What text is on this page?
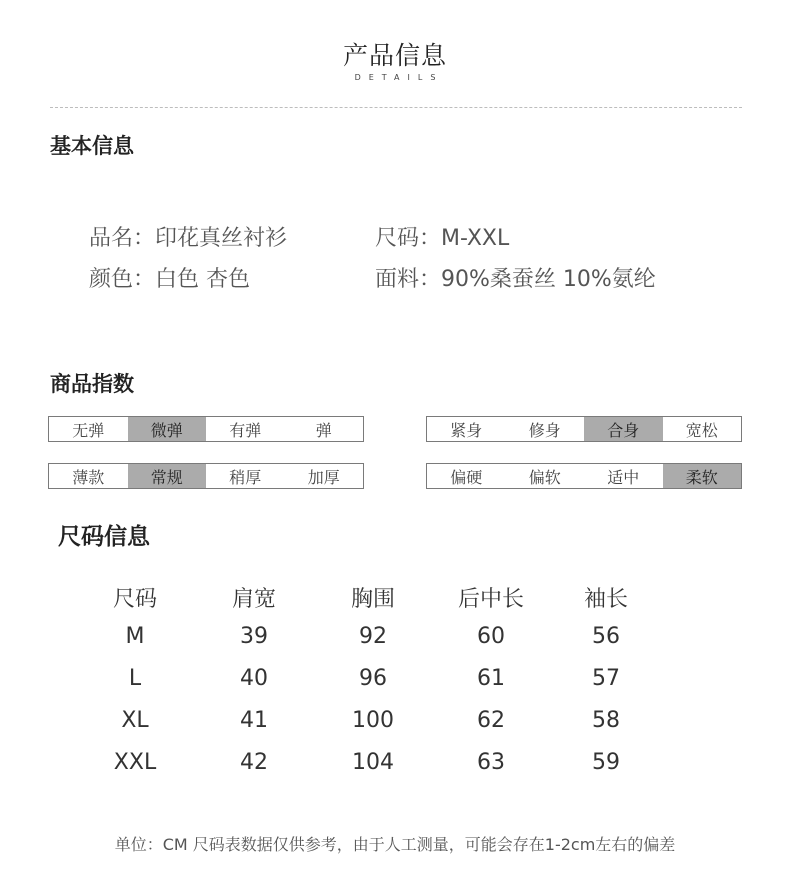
产品信息
DETAILS
基本信息
品名：印花真丝衬衫	尺码：M-XXL
颜色：白色 杏色	面料：90%桑蚕丝 10%氨纶
商品指数
无弹	微弹	有弹	弹	紧身	修身	合身	宽松
薄款	常规	稍厚	加厚	偏硬	偏软	适中	柔软
尺码信息
尺码	肩宽	胸围	后中长	袖长
M	39	92	60	56
L	40	96	61	57
XL	41	100	62	58
XXL	42	104	63	59
单位：CM 尺码表数据仅供参考，由于人工测量，可能会存在1-2cm左右的偏差
